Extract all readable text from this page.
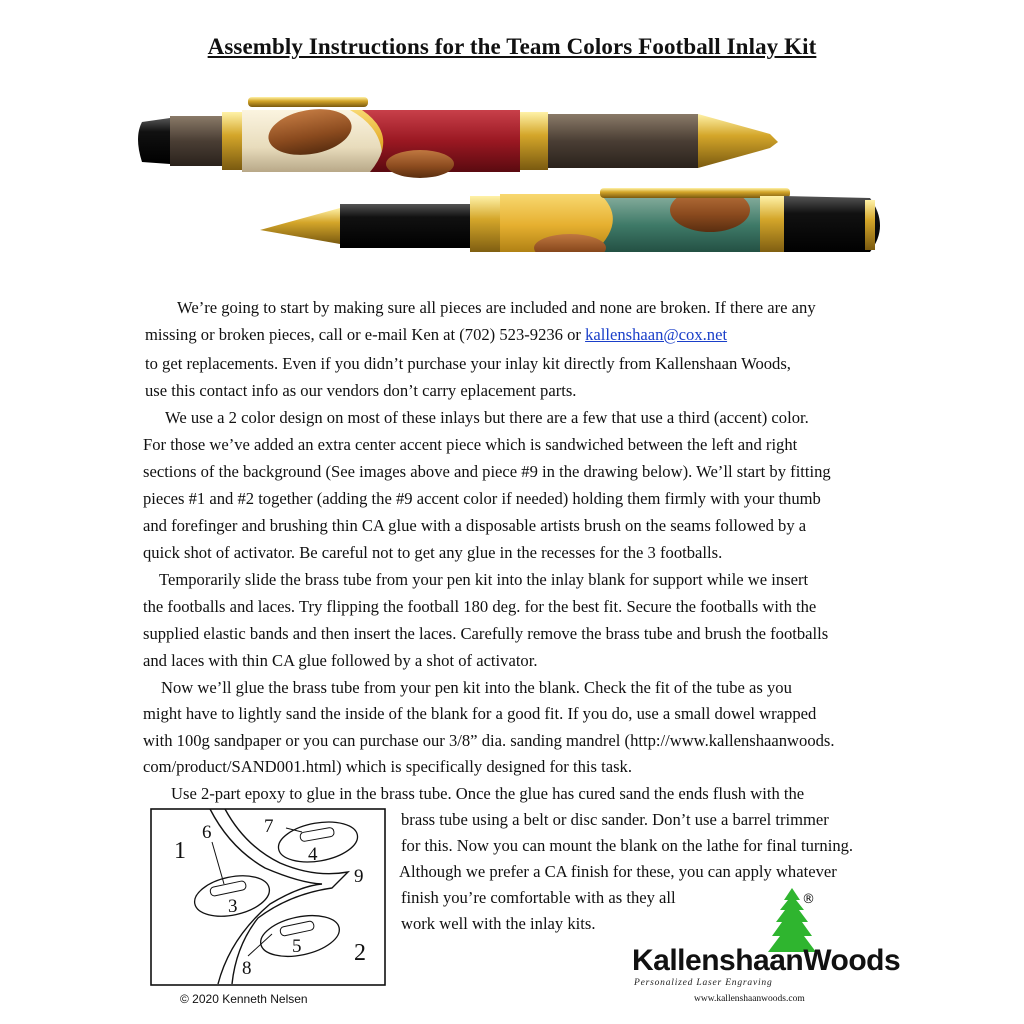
Assembly Instructions for the Team Colors Football Inlay Kit
We’re going to start by making sure all pieces are included and none are broken. If there are any
missing or broken pieces, call or e-mail Ken at (702) 523-9236 or kallenshaan@cox.net
to get replacements. Even if you didn’t purchase your inlay kit directly from Kallenshaan Woods,
use this contact info as our vendors don’t carry eplacement parts.
We use a 2 color design on most of these inlays but there are a few that use a third (accent) color.
For those we’ve added an extra center accent piece which is sandwiched between the left and right
sections of the background (See images above and piece #9 in the drawing below). We’ll start by fitting
pieces #1 and #2 together (adding the #9 accent color if needed) holding them firmly with your thumb
and forefinger and brushing thin CA glue with a disposable artists brush on the seams followed by a
quick shot of activator. Be careful not to get any glue in the recesses for the 3 footballs.
Temporarily slide the brass tube from your pen kit into the inlay blank for support while we insert
the footballs and laces. Try flipping the football 180 deg. for the best fit. Secure the footballs with the
supplied elastic bands and then insert the laces. Carefully remove the brass tube and brush the footballs
and laces with thin CA glue followed by a shot of activator.
Now we’ll glue the brass tube from your pen kit into the blank. Check the fit of the tube as you
might have to lightly sand the inside of the blank for a good fit. If you do, use a small dowel wrapped
with 100g sandpaper or you can purchase our 3/8” dia. sanding mandrel (http://www.kallenshaanwoods.
com/product/SAND001.html) which is specifically designed for this task.
Use 2-part epoxy to glue in the brass tube. Once the glue has cured sand the ends flush with the
brass tube using a belt or disc sander. Don’t use a barrel trimmer
for this. Now you can mount the blank on the lathe for final turning.
Although we prefer a CA finish for these, you can apply whatever
finish you’re comfortable with as they all
work well with the inlay kits.
1
2
3
4
5
6	7
8
9
®
KallenshaanWoods
Personalized Laser Engraving
© 2020 Kenneth Nelsen	www.kallenshaanwoods.com
